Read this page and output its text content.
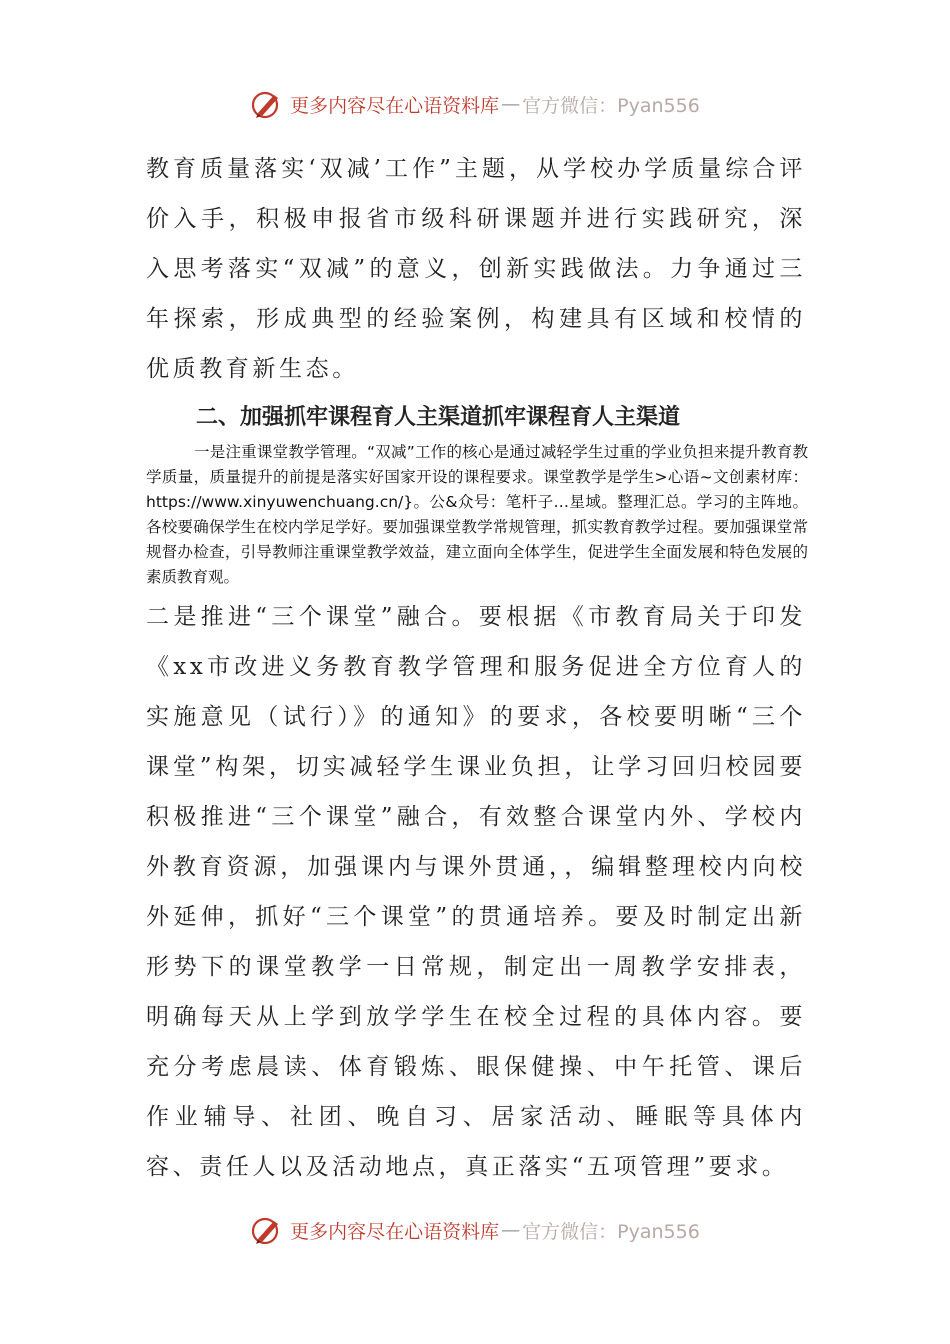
更多内容尽在心语资料库 — 官方微信：Pyan556

教育质量落实‘双减’工作”主题，从学校办学质量综合评价入手，积极申报省市级科研课题并进行实践研究，深入思考落实“双减”的意义，创新实践做法。力争通过三年探索，形成典型的经验案例，构建具有区域和校情的优质教育新生态。

二、加强抓牢课程育人主渠道抓牢课程育人主渠道

一是注重课堂教学管理。“双减”工作的核心是通过减轻学生过重的学业负担来提升教育教学质量，质量提升的前提是落实好国家开设的课程要求。课堂教学是学生>心语~文创素材库：https://www.xinyuwenchuang.cn/}。公&众号：笔杆子…星域。整理汇总。学习的主阵地。各校要确保学生在校内学足学好。要加强课堂教学常规管理，抓实教育教学过程。要加强课堂常规督办检查，引导教师注重课堂教学效益，建立面向全体学生，促进学生全面发展和特色发展的素质教育观。

二是推进“三个课堂”融合。要根据《市教育局关于印发《xx市改进义务教育教学管理和服务促进全方位育人的实施意见（试行）》的通知》的要求，各校要明晰“三个课堂”构架，切实减轻学生课业负担，让学习回归校园要积极推进“三个课堂”融合，有效整合课堂内外、学校内外教育资源，加强课内与课外贯通，，编辑整理校内向校外延伸，抓好“三个课堂”的贯通培养。要及时制定出新形势下的课堂教学一日常规，制定出一周教学安排表，明确每天从上学到放学学生在校全过程的具体内容。要充分考虑晨读、体育锻炼、眼保健操、中午托管、课后作业辅导、社团、晚自习、居家活动、睡眠等具体内容、责任人以及活动地点，真正落实“五项管理”要求。

更多内容尽在心语资料库 — 官方微信：Pyan556
